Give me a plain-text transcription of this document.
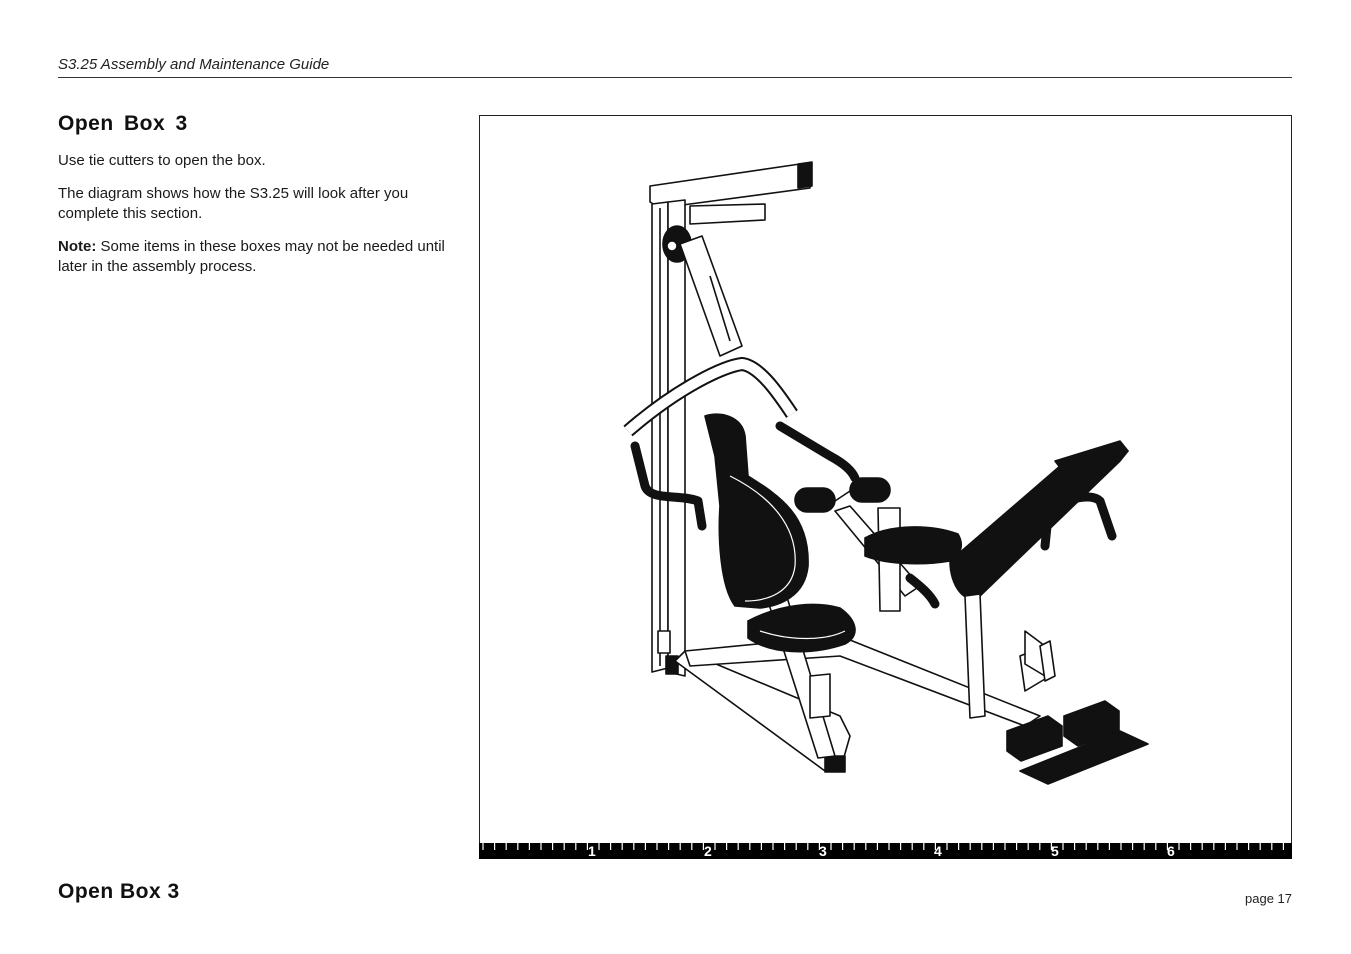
S3.25 Assembly and Maintenance Guide
Open Box 3

Use tie cutters to open the box.

The diagram shows how the S3.25 will look after you complete this section.

Note: Some items in these boxes may not be needed until later in the assembly process.

1	2	3	4	5	6
Open Box 3	page 17
